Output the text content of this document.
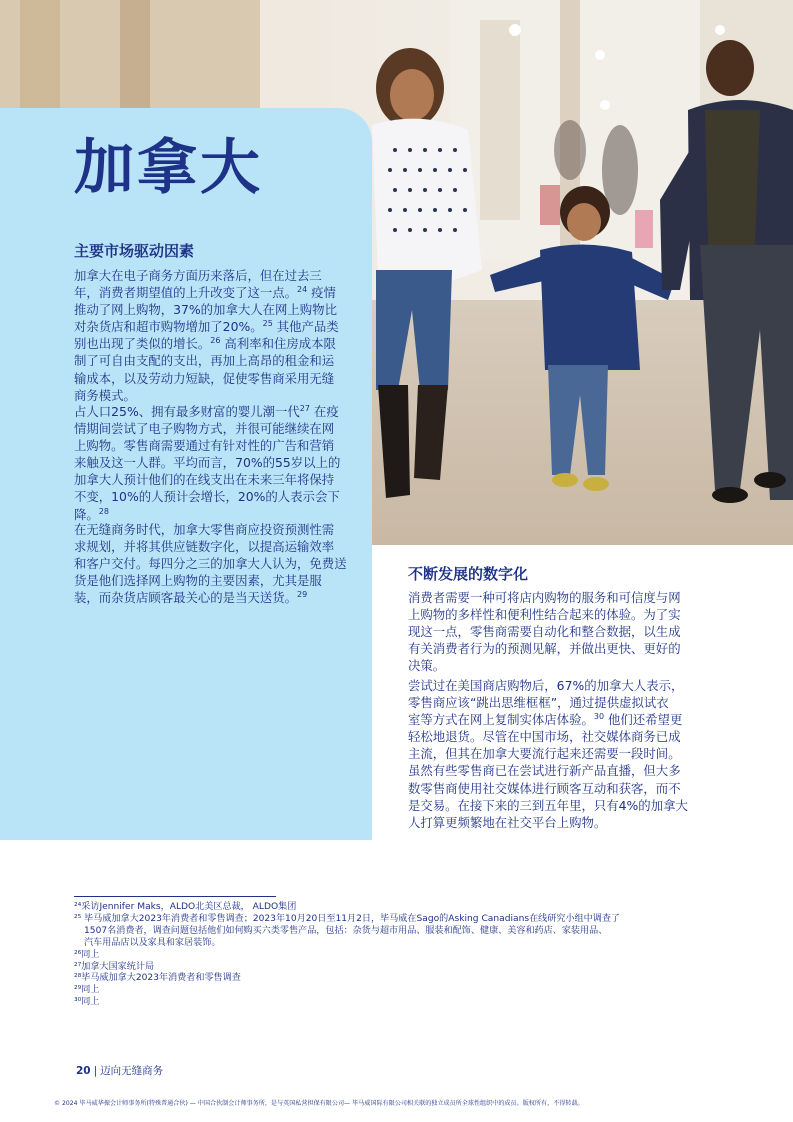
加拿大
主要市场驱动因素
加拿大在电子商务方面历来落后，但在过去三
年，消费者期望值的上升改变了这一点。$^{24}$ 疫情
推动了网上购物，37%的加拿大人在网上购物比
对杂货店和超市购物增加了20%。$^{25}$ 其他产品类
别也出现了类似的增长。$^{26}$ 高利率和住房成本限
制了可自由支配的支出，再加上高昂的租金和运
输成本，以及劳动力短缺，促使零售商采用无缝
商务模式。
占人口25%、拥有最多财富的婴儿潮一代$^{27}$ 在疫
情期间尝试了电子购物方式，并很可能继续在网
上购物。零售商需要通过有针对性的广告和营销
来触及这一人群。平均而言，70%的55岁以上的
加拿大人预计他们的在线支出在未来三年将保持
不变，10%的人预计会增长，20%的人表示会下
降。$^{28}$
在无缝商务时代，加拿大零售商应投资预测性需
求规划，并将其供应链数字化，以提高运输效率
和客户交付。每四分之三的加拿大人认为，免费送
货是他们选择网上购物的主要因素，尤其是服
装，而杂货店顾客最关心的是当天送货。$^{29}$
不断发展的数字化
消费者需要一种可将店内购物的服务和可信度与网
上购物的多样性和便利性结合起来的体验。为了实
现这一点，零售商需要自动化和整合数据，以生成
有关消费者行为的预测见解，并做出更快、更好的
决策。
尝试过在美国商店购物后，67%的加拿大人表示，
零售商应该“跳出思维框框”，通过提供虚拟试衣
室等方式在网上复制实体店体验。$^{30}$ 他们还希望更
轻松地退货。尽管在中国市场，社交媒体商务已成
主流，但其在加拿大要流行起来还需要一段时间。
虽然有些零售商已在尝试进行新产品直播，但大多
数零售商使用社交媒体进行顾客互动和获客，而不
是交易。在接下来的三到五年里，只有4%的加拿大
人打算更频繁地在社交平台上购物。
²⁴采访Jennifer Maks，ALDO北美区总裁， ALDO集团
²⁵ 毕马威加拿大2023年消费者和零售调查；2023年10月20日至11月2日，毕马威在Sago的Asking Canadians在线研究小组中调查了
1507名消费者，调查问题包括他们如何购买六类零售产品，包括：杂货与超市用品、服装和配饰、健康、美容和药店、家装用品、
汽车用品店以及家具和家居装饰。
²⁶同上
²⁷加拿大国家统计局
²⁸毕马威加拿大2023年消费者和零售调查
²⁹同上
³⁰同上
20 | 迈向无缝商务
© 2024 毕马威华振会计师事务所(特殊普通合伙) — 中国合伙制会计师事务所，是与英国私营担保有限公司— 毕马威国际有限公司相关联的独立成员所全球性组织中的成员。版权所有，不得转载。
